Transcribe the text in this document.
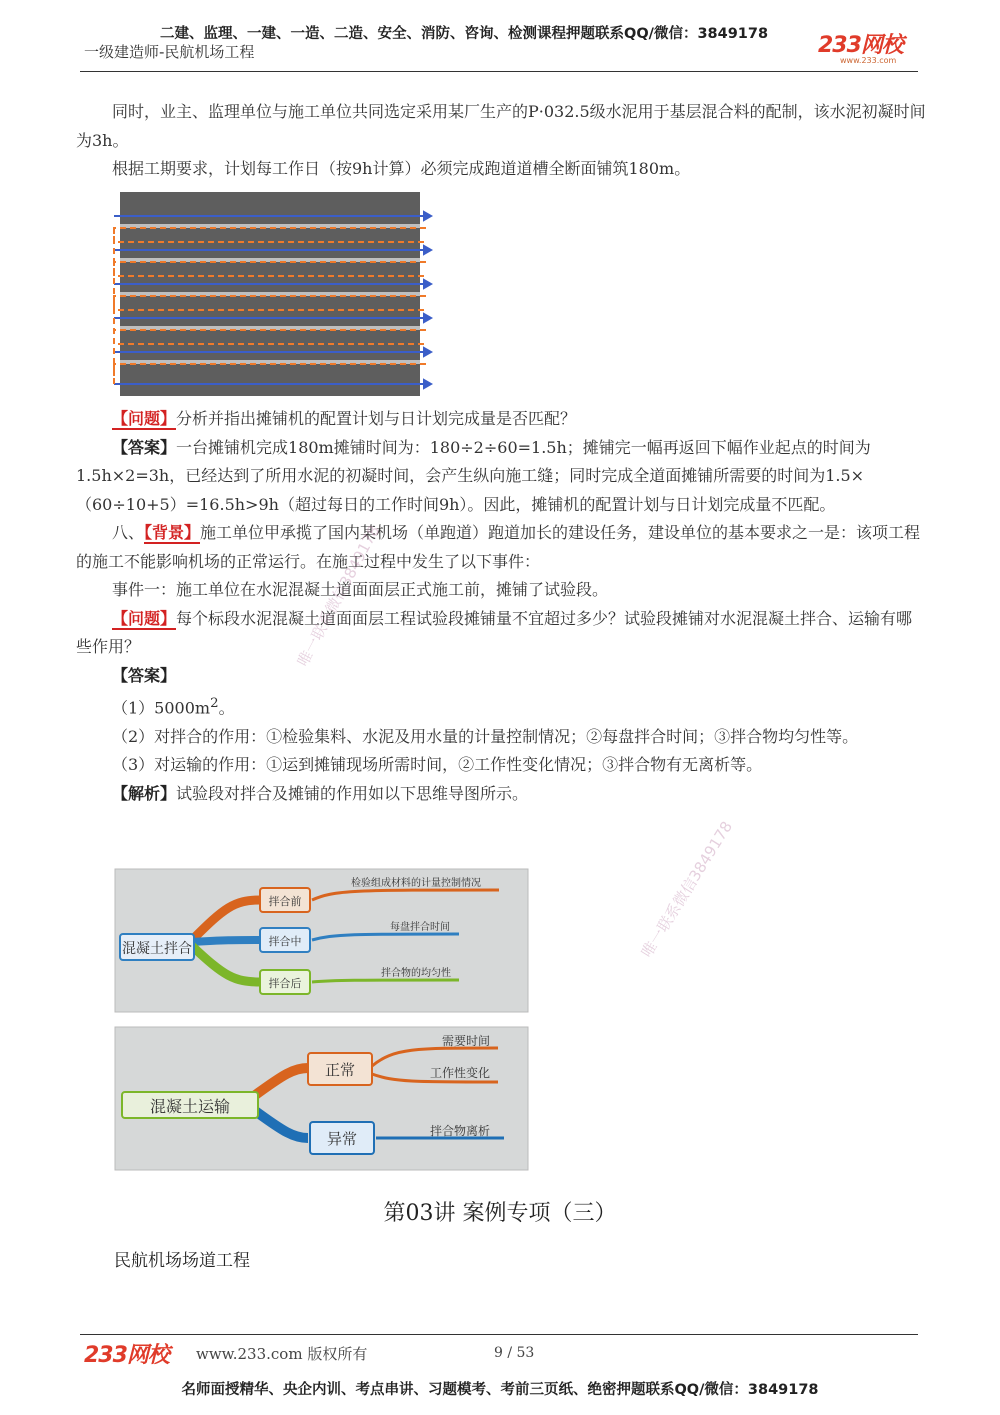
二建、监理、一建、一造、二造、安全、消防、咨询、检测课程押题联系QQ/微信：3849178
一级建造师-民航机场工程	233网校
www.233.com

同时，业主、监理单位与施工单位共同选定采用某厂生产的P·032.5级水泥用于基层混合料的配制，该水泥初凝时间为3h。

根据工期要求，计划每工作日（按9h计算）必须完成跑道道槽全断面铺筑180m。

【问题】分析并指出摊铺机的配置计划与日计划完成量是否匹配？

【答案】一台摊铺机完成180m摊铺时间为：180÷2÷60=1.5h；摊铺完一幅再返回下幅作业起点的时间为1.5h×2=3h，已经达到了所用水泥的初凝时间，会产生纵向施工缝；同时完成全道面摊铺所需要的时间为1.5×（60÷10+5）=16.5h>9h（超过每日的工作时间9h）。因此，摊铺机的配置计划与日计划完成量不匹配。

八、【背景】施工单位甲承揽了国内某机场（单跑道）跑道加长的建设任务，建设单位的基本要求之一是：该项工程的施工不能影响机场的正常运行。在施工过程中发生了以下事件：

事件一：施工单位在水泥混凝土道面面层正式施工前，摊铺了试验段。

【问题】每个标段水泥混凝土道面面层工程试验段摊铺量不宜超过多少？试验段摊铺对水泥混凝土拌合、运输有哪些作用？

【答案】

$(1)5000m^2$。

（2）对拌合的作用：①检验集料、水泥及用水量的计量控制情况；②每盘拌合时间；③拌合物均匀性等。

（3）对运输的作用：①运到摊铺现场所需时间，②工作性变化情况；③拌合物有无离析等。

【解析】试验段对拌合及摊铺的作用如以下思维导图所示。

混凝土拌合
拌合前
拌合中
拌合后
检验组成材料的计量控制情况
每盘拌合时间
拌合物的均匀性
混凝土运输
正常
异常
需要时间
工作性变化
拌合物离析
唯一联系微信3849178
唯一联系微信3849178
第03讲 案例专项（三）
民航机场场道工程
233网校 www.233.com 版权所有	9 / 53
名师面授精华、央企内训、考点串讲、习题模考、考前三页纸、绝密押题联系QQ/微信：3849178
